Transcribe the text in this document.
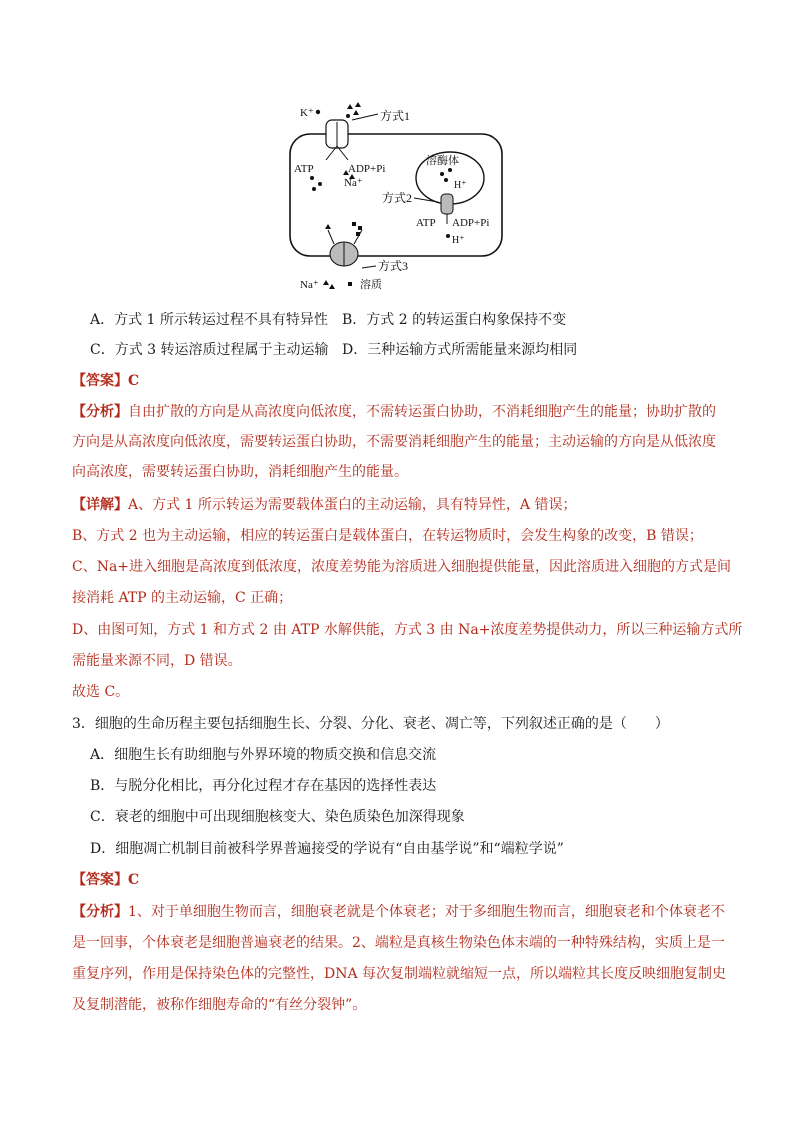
K⁺	方式1
ATP	ADP+Pi
Na⁺
溶酶体
H⁺
方式2
ATP ADP+Pi
H⁺
方式3
Na⁺	溶质
A．方式 1 所示转运过程不具有特异性 B．方式 2 的转运蛋白构象保持不变
C．方式 3 转运溶质过程属于主动运输 D．三种运输方式所需能量来源均相同
【答案】C
【分析】自由扩散的方向是从高浓度向低浓度，不需转运蛋白协助，不消耗细胞产生的能量；协助扩散的
方向是从高浓度向低浓度，需要转运蛋白协助，不需要消耗细胞产生的能量；主动运输的方向是从低浓度
向高浓度，需要转运蛋白协助，消耗细胞产生的能量。
【详解】A、方式 1 所示转运为需要载体蛋白的主动运输，具有特异性，A 错误；
B、方式 2 也为主动运输，相应的转运蛋白是载体蛋白，在转运物质时，会发生构象的改变，B 错误；
C、Na+进入细胞是高浓度到低浓度，浓度差势能为溶质进入细胞提供能量，因此溶质进入细胞的方式是间
接消耗 ATP 的主动运输，C 正确；
D、由图可知，方式 1 和方式 2 由 ATP 水解供能，方式 3 由 Na+浓度差势提供动力，所以三种运输方式所
需能量来源不同，D 错误。
故选 C。
3．细胞的生命历程主要包括细胞生长、分裂、分化、衰老、凋亡等，下列叙述正确的是（　　）
A．细胞生长有助细胞与外界环境的物质交换和信息交流
B．与脱分化相比，再分化过程才存在基因的选择性表达
C．衰老的细胞中可出现细胞核变大、染色质染色加深得现象
D．细胞凋亡机制目前被科学界普遍接受的学说有“自由基学说”和“端粒学说”
【答案】C
【分析】1、对于单细胞生物而言，细胞衰老就是个体衰老；对于多细胞生物而言，细胞衰老和个体衰老不
是一回事，个体衰老是细胞普遍衰老的结果。2、端粒是真核生物染色体末端的一种特殊结构，实质上是一
重复序列，作用是保持染色体的完整性，DNA 每次复制端粒就缩短一点，所以端粒其长度反映细胞复制史
及复制潜能，被称作细胞寿命的“有丝分裂钟”。
